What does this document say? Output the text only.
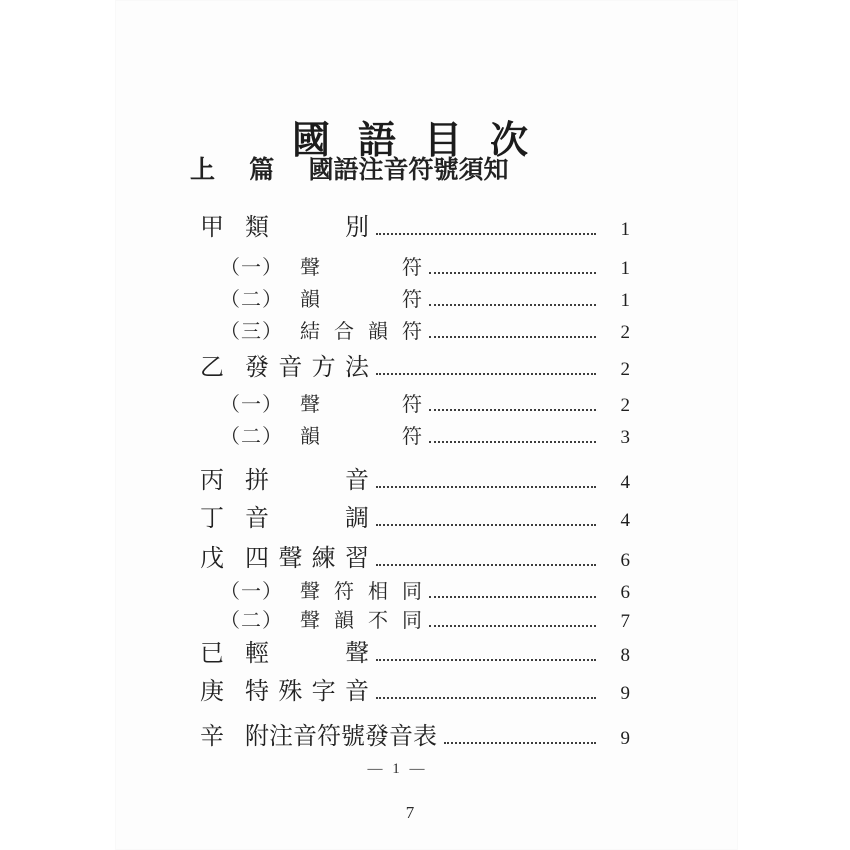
國語目次
上 篇 國語注音符號須知
甲 類別	1
（一） 聲符	1
（二） 韻符	1
（三） 結合韻符	2
乙 發音方法	2
（一） 聲符	2
（二） 韻符	3
丙 拼音	4
丁 音調	4
戊 四聲練習	6
（一） 聲符相同	6
（二） 聲韻不同	7
已 輕聲	8
庚 特殊字音	9
辛 附注音符號發音表	9
— 1 —
7
